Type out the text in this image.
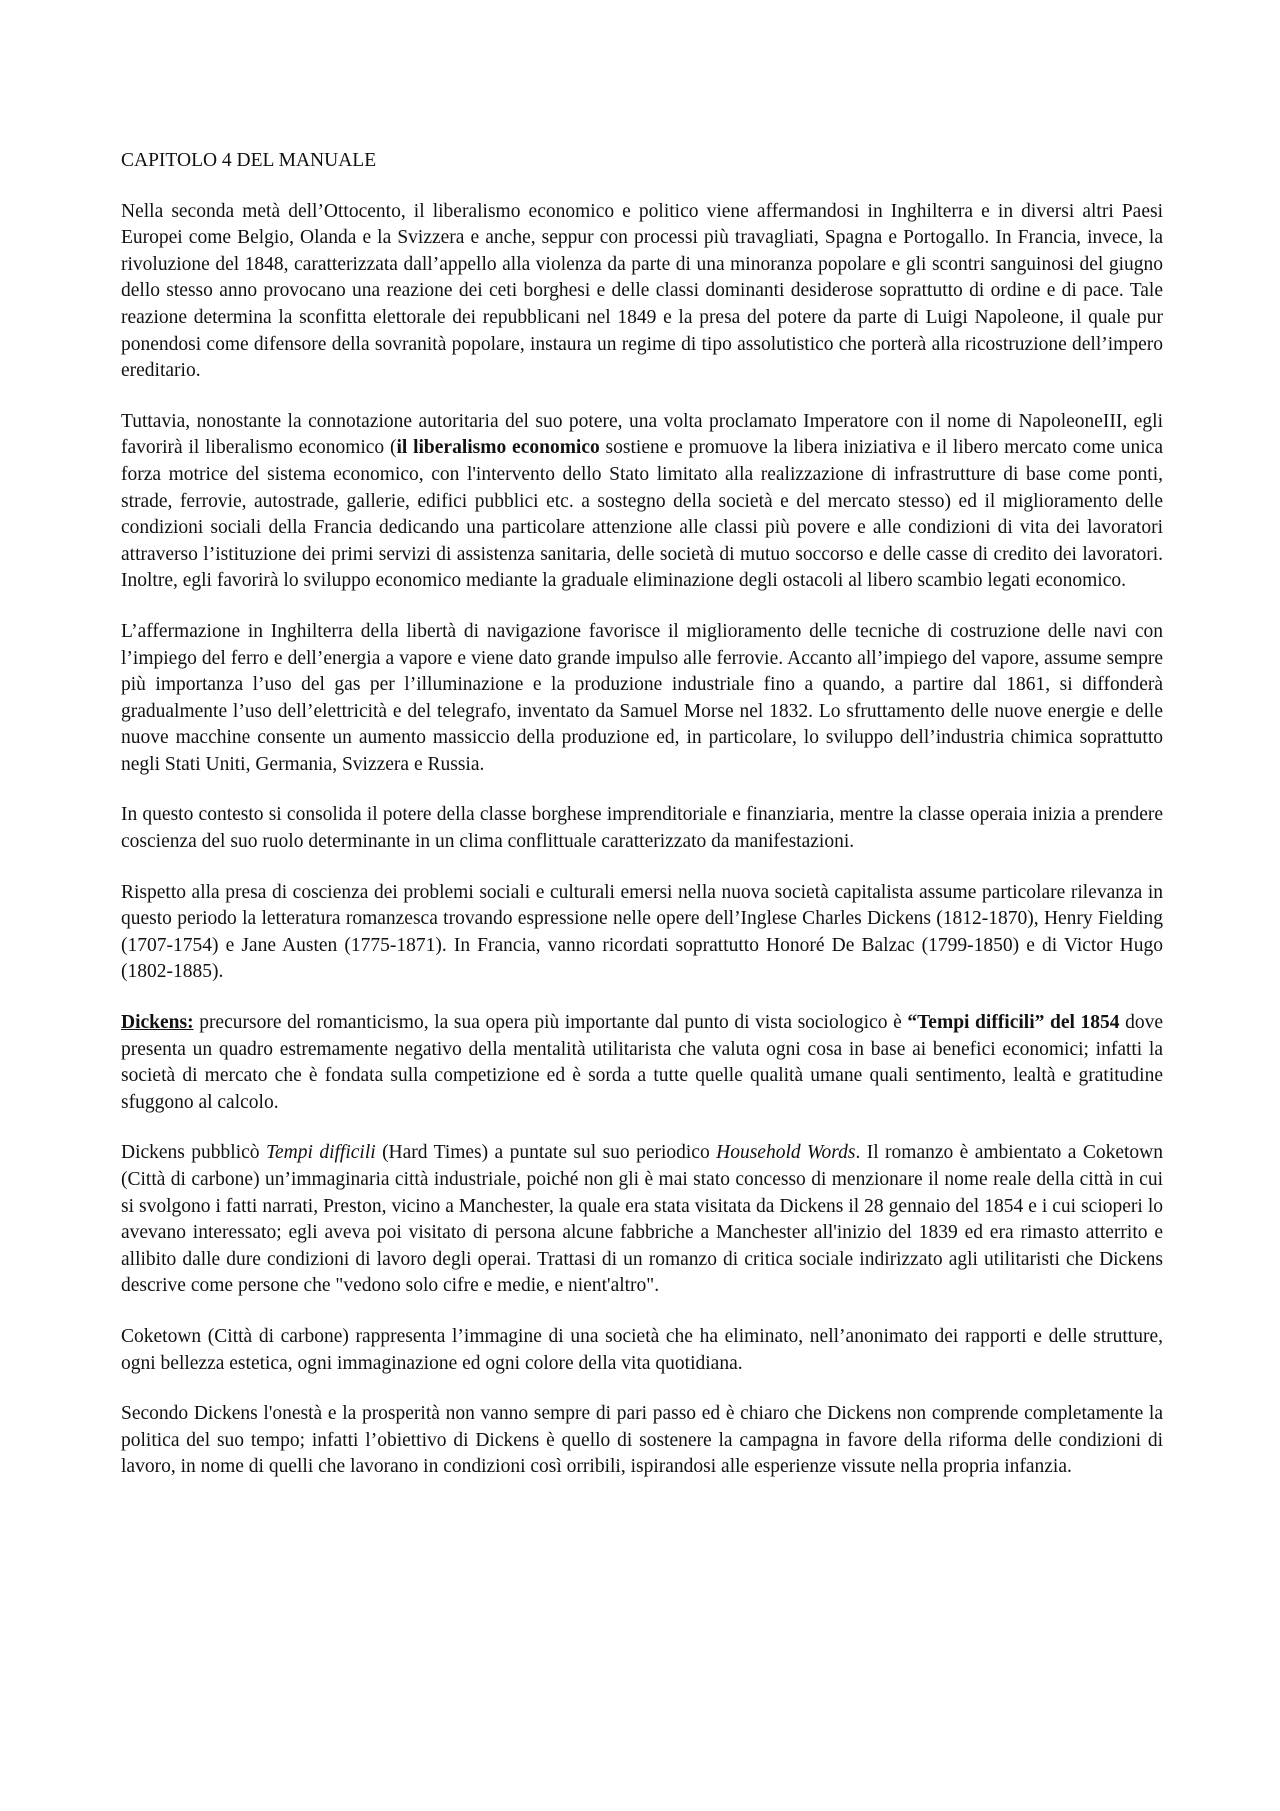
CAPITOLO 4 DEL MANUALE

Nella seconda metà dell’Ottocento, il liberalismo economico e politico viene affermandosi in Inghilterra e in diversi altri Paesi Europei come Belgio, Olanda e la Svizzera e anche, seppur con processi più travagliati, Spagna e Portogallo. In Francia, invece, la rivoluzione del 1848, caratterizzata dall’appello alla violenza da parte di una minoranza popolare e gli scontri sanguinosi del giugno dello stesso anno provocano una reazione dei ceti borghesi e delle classi dominanti desiderose soprattutto di ordine e di pace. Tale reazione determina la sconfitta elettorale dei repubblicani nel 1849 e la presa del potere da parte di Luigi Napoleone, il quale pur ponendosi come difensore della sovranità popolare, instaura un regime di tipo assolutistico che porterà alla ricostruzione dell’impero ereditario.

Tuttavia, nonostante la connotazione autoritaria del suo potere, una volta proclamato Imperatore con il nome di NapoleoneIII, egli favorirà il liberalismo economico (il liberalismo economico sostiene e promuove la libera iniziativa e il libero mercato come unica forza motrice del sistema economico, con l'intervento dello Stato limitato alla realizzazione di infrastrutture di base come ponti, strade, ferrovie, autostrade, gallerie, edifici pubblici etc. a sostegno della società e del mercato stesso) ed il miglioramento delle condizioni sociali della Francia dedicando una particolare attenzione alle classi più povere e alle condizioni di vita dei lavoratori attraverso l’istituzione dei primi servizi di assistenza sanitaria, delle società di mutuo soccorso e delle casse di credito dei lavoratori. Inoltre, egli favorirà lo sviluppo economico mediante la graduale eliminazione degli ostacoli al libero scambio legati economico.

L’affermazione in Inghilterra della libertà di navigazione favorisce il miglioramento delle tecniche di costruzione delle navi con l’impiego del ferro e dell’energia a vapore e viene dato grande impulso alle ferrovie. Accanto all’impiego del vapore, assume sempre più importanza l’uso del gas per l’illuminazione e la produzione industriale fino a quando, a partire dal 1861, si diffonderà gradualmente l’uso dell’elettricità e del telegrafo, inventato da Samuel Morse nel 1832. Lo sfruttamento delle nuove energie e delle nuove macchine consente un aumento massiccio della produzione ed, in particolare, lo sviluppo dell’industria chimica soprattutto negli Stati Uniti, Germania, Svizzera e Russia.

In questo contesto si consolida il potere della classe borghese imprenditoriale e finanziaria, mentre la classe operaia inizia a prendere coscienza del suo ruolo determinante in un clima conflittuale caratterizzato da manifestazioni.

Rispetto alla presa di coscienza dei problemi sociali e culturali emersi nella nuova società capitalista assume particolare rilevanza in questo periodo la letteratura romanzesca trovando espressione nelle opere dell’Inglese Charles Dickens (1812-1870), Henry Fielding (1707-1754) e Jane Austen (1775-1871). In Francia, vanno ricordati soprattutto Honoré De Balzac (1799-1850) e di Victor Hugo (1802-1885).

Dickens: precursore del romanticismo, la sua opera più importante dal punto di vista sociologico è “Tempi difficili” del 1854 dove presenta un quadro estremamente negativo della mentalità utilitarista che valuta ogni cosa in base ai benefici economici; infatti la società di mercato che è fondata sulla competizione ed è sorda a tutte quelle qualità umane quali sentimento, lealtà e gratitudine sfuggono al calcolo.

Dickens pubblicò Tempi difficili (Hard Times) a puntate sul suo periodico Household Words. Il romanzo è ambientato a Coketown (Città di carbone) un’immaginaria città industriale, poiché non gli è mai stato concesso di menzionare il nome reale della città in cui si svolgono i fatti narrati, Preston, vicino a Manchester, la quale era stata visitata da Dickens il 28 gennaio del 1854 e i cui scioperi lo avevano interessato; egli aveva poi visitato di persona alcune fabbriche a Manchester all'inizio del 1839 ed era rimasto atterrito e allibito dalle dure condizioni di lavoro degli operai. Trattasi di un romanzo di critica sociale indirizzato agli utilitaristi che Dickens descrive come persone che "vedono solo cifre e medie, e nient'altro".

Coketown (Città di carbone) rappresenta l’immagine di una società che ha eliminato, nell’anonimato dei rapporti e delle strutture, ogni bellezza estetica, ogni immaginazione ed ogni colore della vita quotidiana.

Secondo Dickens l'onestà e la prosperità non vanno sempre di pari passo ed è chiaro che Dickens non comprende completamente la politica del suo tempo; infatti l’obiettivo di Dickens è quello di sostenere la campagna in favore della riforma delle condizioni di lavoro, in nome di quelli che lavorano in condizioni così orribili, ispirandosi alle esperienze vissute nella propria infanzia.
